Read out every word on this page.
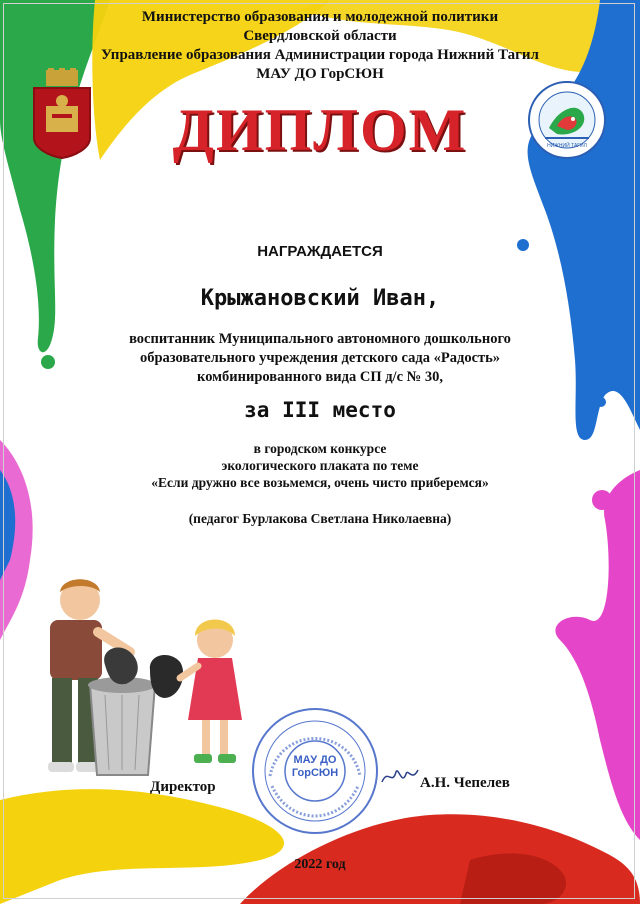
Министерство образования и молодежной политики
Свердловской области
Управление образования Администрации города Нижний Тагил
МАУ ДО ГорСЮН
НИЖНИЙ ТАГИЛ
ДИПЛОМ
НАГРАЖДАЕТСЯ
Крыжановский Иван,
воспитанник Муниципального автономного дошкольного
образовательного учреждения детского сада «Радость»
комбинированного вида СП д/с № 30,
за III место
в городском конкурсе
экологического плаката по теме
«Если дружно все возьмемся, очень чисто приберемся»
(педагог Бурлакова Светлана Николаевна)
Директор
МАУ ДО ГорСЮН
А.Н. Чепелев
2022 год
